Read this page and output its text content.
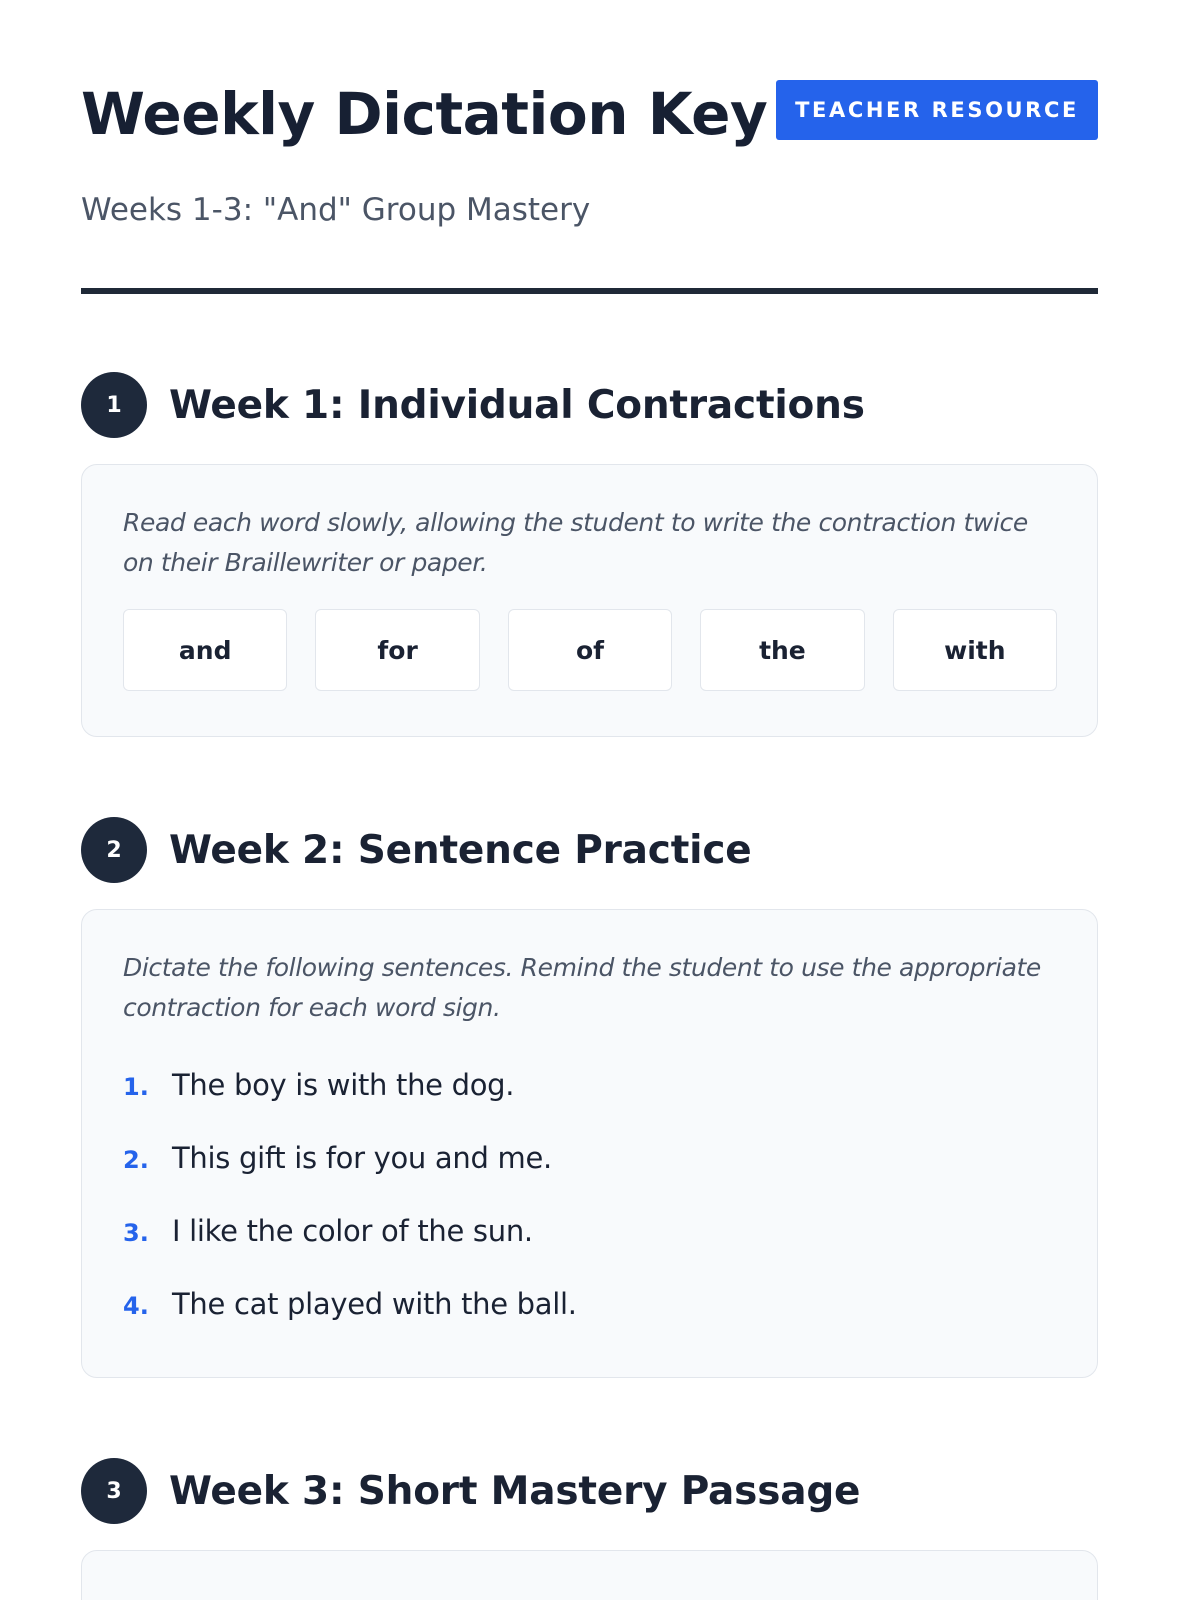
Weekly Dictation Key	TEACHER RESOURCE
Weeks 1-3: "And" Group Mastery
1	Week 1: Individual Contractions
Read each word slowly, allowing the student to write the contraction twice on their Braillewriter or paper.
and	for	of	the	with
2	Week 2: Sentence Practice
Dictate the following sentences. Remind the student to use the appropriate contraction for each word sign.
1. The boy is with the dog.
2. This gift is for you and me.
3. I like the color of the sun.
4. The cat played with the ball.
3	Week 3: Short Mastery Passage
